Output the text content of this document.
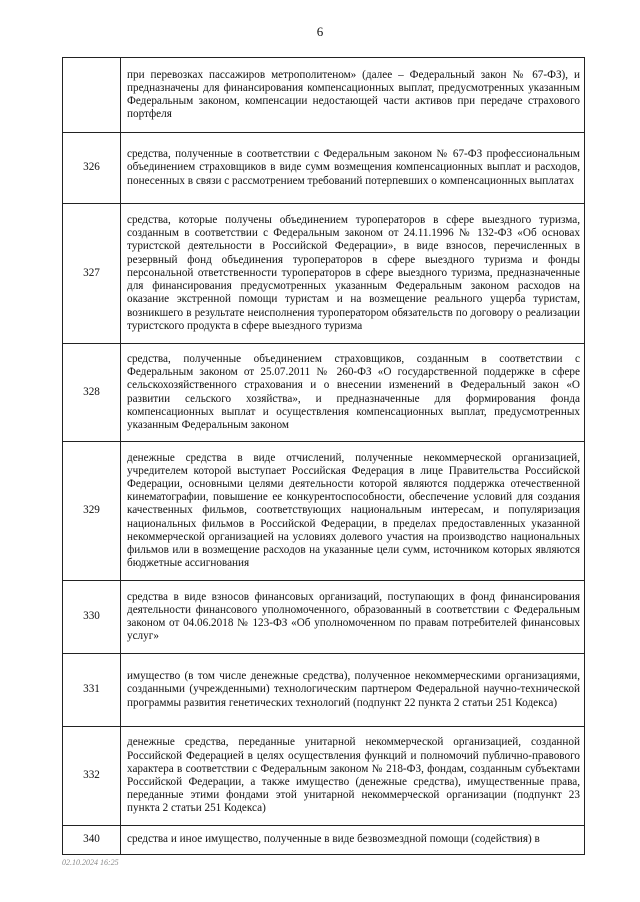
6
	при перевозках пассажиров метрополитеном» (далее – Федеральный закон № 67-ФЗ), и предназначены для финансирования компенсационных выплат, предусмотренных указанным Федеральным законом, компенсации недостающей части активов при передаче страхового портфеля
326	средства, полученные в соответствии с Федеральным законом № 67-ФЗ профессиональным объединением страховщиков в виде сумм возмещения компенсационных выплат и расходов, понесенных в связи с рассмотрением требований потерпевших о компенсационных выплатах
327	средства, которые получены объединением туроператоров в сфере выездного туризма, созданным в соответствии с Федеральным законом от 24.11.1996 № 132-ФЗ «Об основах туристской деятельности в Российской Федерации», в виде взносов, перечисленных в резервный фонд объединения туроператоров в сфере выездного туризма и фонды персональной ответственности туроператоров в сфере выездного туризма, предназначенные для финансирования предусмотренных указанным Федеральным законом расходов на оказание экстренной помощи туристам и на возмещение реального ущерба туристам, возникшего в результате неисполнения туроператором обязательств по договору о реализации туристского продукта в сфере выездного туризма
328	средства, полученные объединением страховщиков, созданным в соответствии с Федеральным законом от 25.07.2011 № 260-ФЗ «О государственной поддержке в сфере сельскохозяйственного страхования и о внесении изменений в Федеральный закон «О развитии сельского хозяйства», и предназначенные для формирования фонда компенсационных выплат и осуществления компенсационных выплат, предусмотренных указанным Федеральным законом
329	денежные средства в виде отчислений, полученные некоммерческой организацией, учредителем которой выступает Российская Федерация в лице Правительства Российской Федерации, основными целями деятельности которой являются поддержка отечественной кинематографии, повышение ее конкурентоспособности, обеспечение условий для создания качественных фильмов, соответствующих национальным интересам, и популяризация национальных фильмов в Российской Федерации, в пределах предоставленных указанной некоммерческой организацией на условиях долевого участия на производство национальных фильмов или в возмещение расходов на указанные цели сумм, источником которых являются бюджетные ассигнования
330	средства в виде взносов финансовых организаций, поступающих в фонд финансирования деятельности финансового уполномоченного, образованный в соответствии с Федеральным законом от 04.06.2018 № 123-ФЗ «Об уполномоченном по правам потребителей финансовых услуг»
331	имущество (в том числе денежные средства), полученное некоммерческими организациями, созданными (учрежденными) технологическим партнером Федеральной научно-технической программы развития генетических технологий (подпункт 22 пункта 2 статьи 251 Кодекса)
332	денежные средства, переданные унитарной некоммерческой организацией, созданной Российской Федерацией в целях осуществления функций и полномочий публично-правового характера в соответствии с Федеральным законом № 218-ФЗ, фондам, созданным субъектами Российской Федерации, а также имущество (денежные средства), имущественные права, переданные этими фондами этой унитарной некоммерческой организации (подпункт 23 пункта 2 статьи 251 Кодекса)
340	средства и иное имущество, полученные в виде безвозмездной помощи (содействия) в
02.10.2024 16:25
